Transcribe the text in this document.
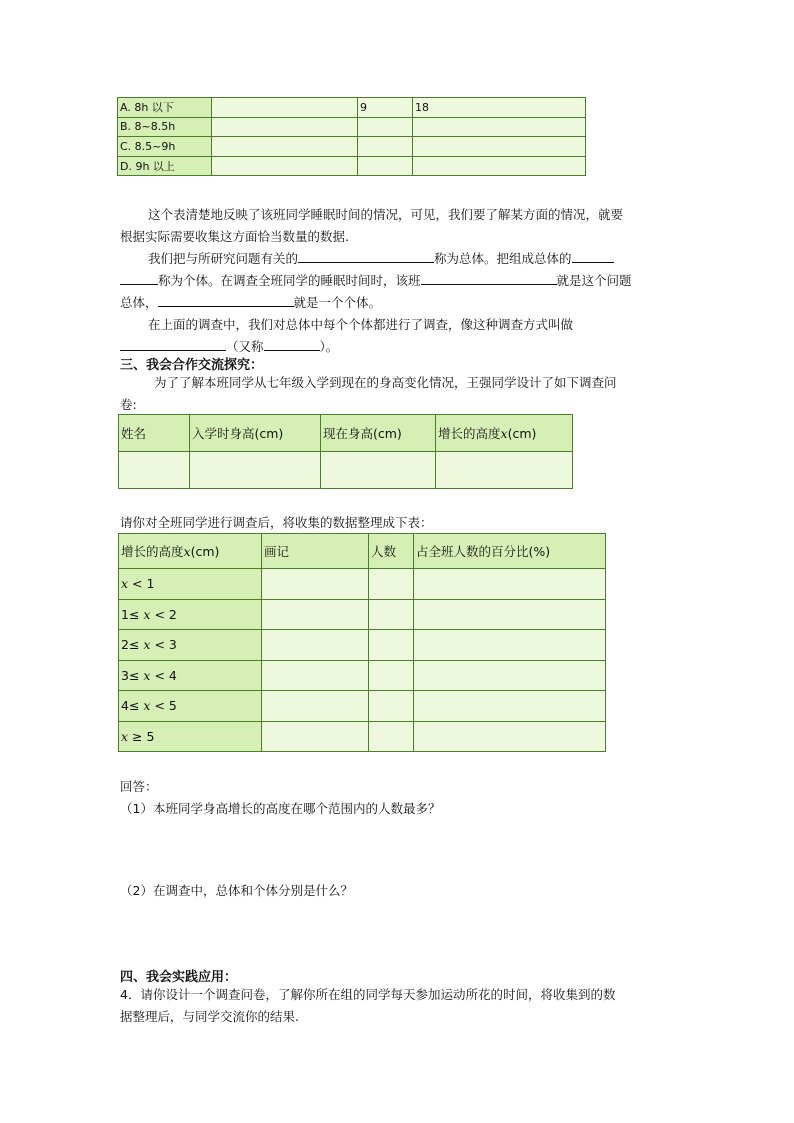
A. 8h 以下		9	18
B. 8~8.5h			
C. 8.5~9h			
D. 9h 以上			
这个表清楚地反映了该班同学睡眠时间的情况，可见，我们要了解某方面的情况，就要
根据实际需要收集这方面恰当数量的数据.
我们把与所研究问题有关的	称为总体。把组成总体的
称为个体。在调查全班同学的睡眠时间时，该班	就是这个问题
总体，	就是一个个体。
在上面的调查中，我们对总体中每个个体都进行了调查，像这种调查方式叫做
（又称	）。
三、我会合作交流探究：
为了了解本班同学从七年级入学到现在的身高变化情况，王强同学设计了如下调查问
卷:
姓名	入学时身高(cm)	现在身高(cm)	增长的高度x(cm)

请你对全班同学进行调查后，将收集的数据整理成下表：
增长的高度x(cm)	画记	人数	占全班人数的百分比(%)
x < 1			
1≤ x < 2			
2≤ x < 3			
3≤ x < 4			
4≤ x < 5			
x ≥ 5			
回答：
（1）本班同学身高增长的高度在哪个范围内的人数最多？
（2）在调查中，总体和个体分别是什么？
四、我会实践应用：
4．请你设计一个调查问卷，了解你所在组的同学每天参加运动所花的时间，将收集到的数
据整理后，与同学交流你的结果.
